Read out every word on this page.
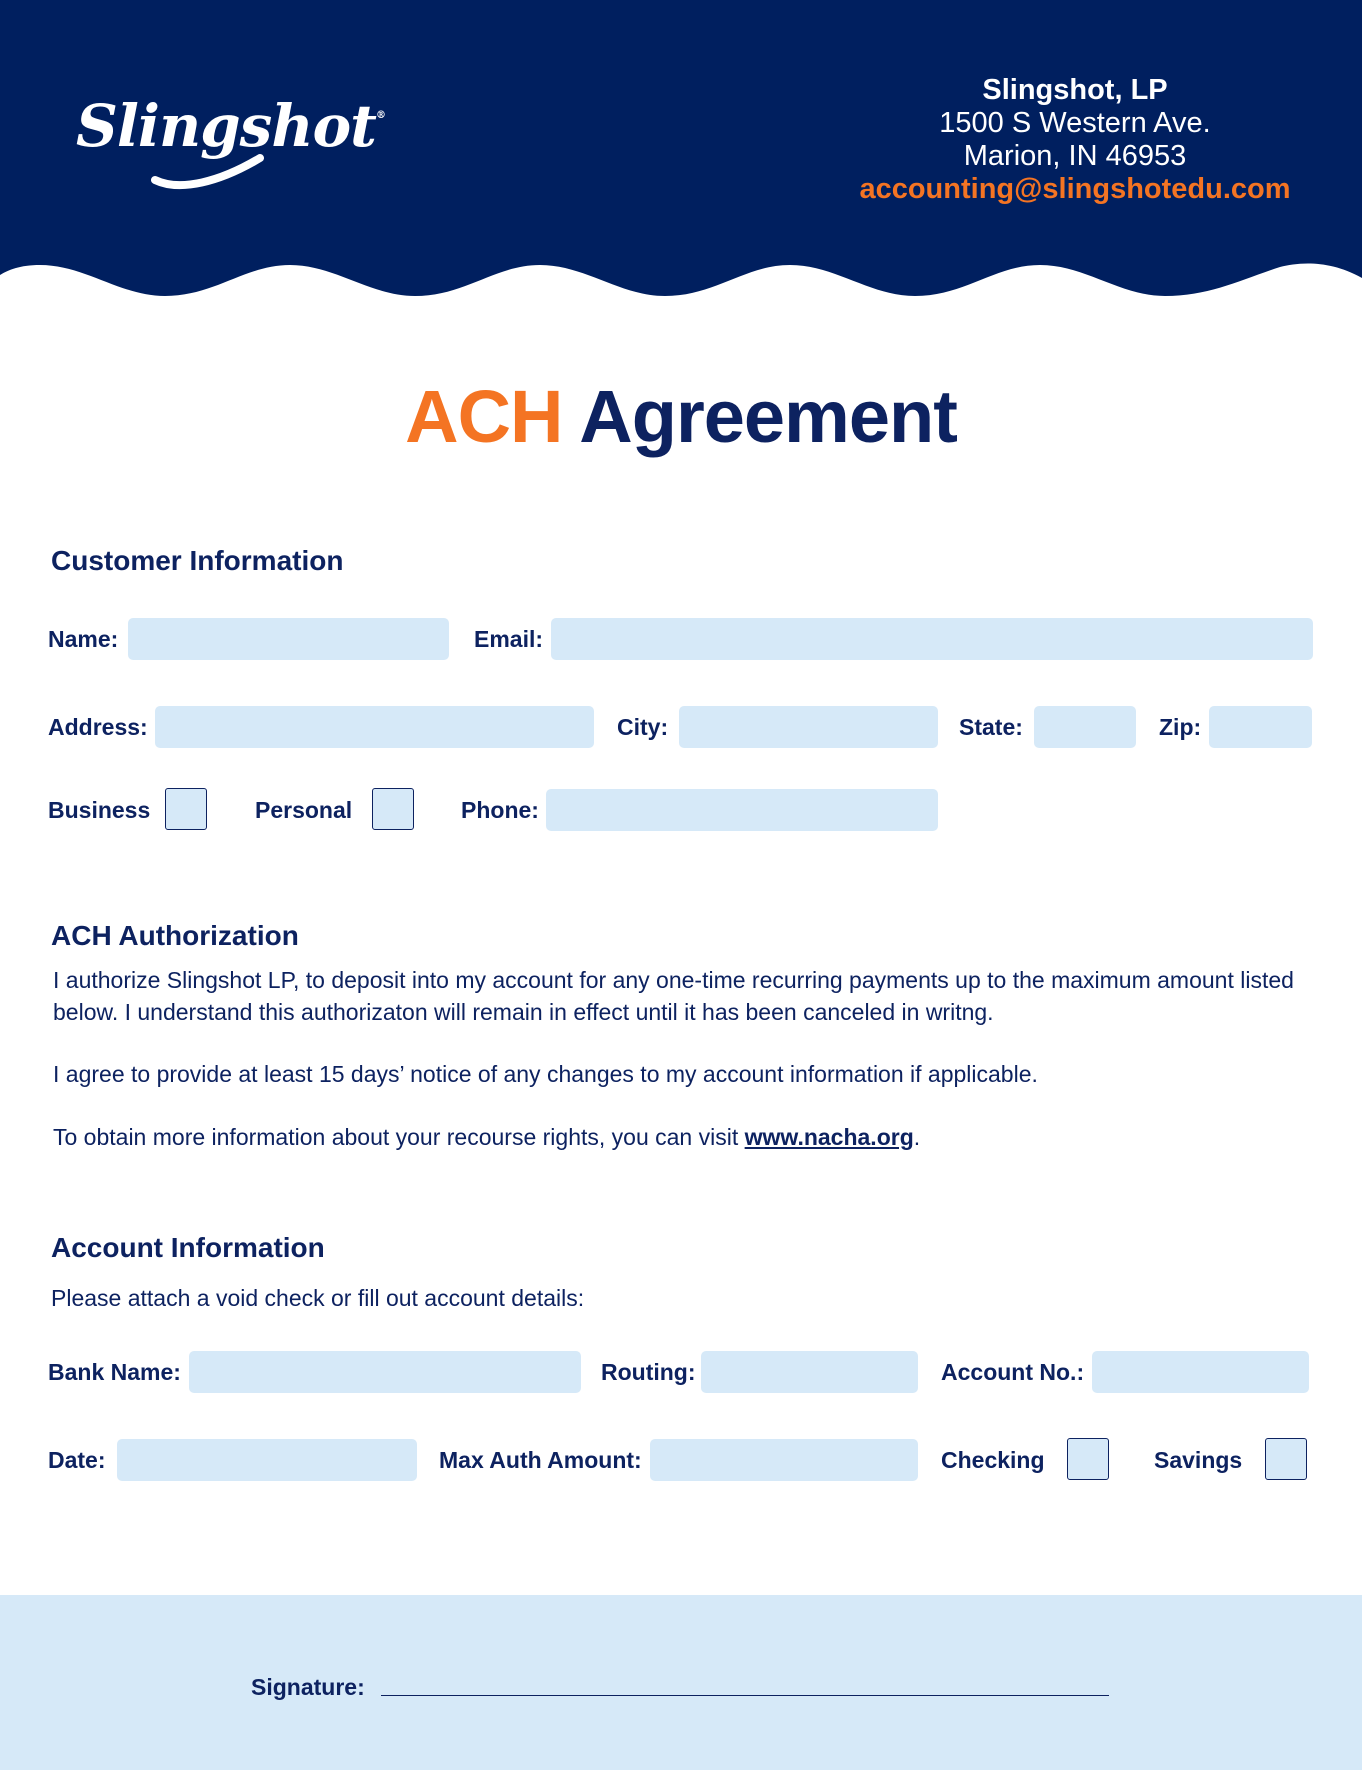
Slingshot®
Slingshot, LP
1500 S Western Ave.
Marion, IN 46953
accounting@slingshotedu.com
ACH Agreement
Customer Information
Name:	Email:
Address:	City:	State:	Zip:
Business	Personal	Phone:
ACH Authorization
I authorize Slingshot LP, to deposit into my account for any one-time recurring payments up to the maximum amount listed below. I understand this authorizaton will remain in effect until it has been canceled in writng.
I agree to provide at least 15 days’ notice of any changes to my account information if applicable.
To obtain more information about your recourse rights, you can visit www.nacha.org.
Account Information
Please attach a void check or fill out account details:
Bank Name:	Routing:	Account No.:
Date:	Max Auth Amount:	Checking	Savings
Signature:
